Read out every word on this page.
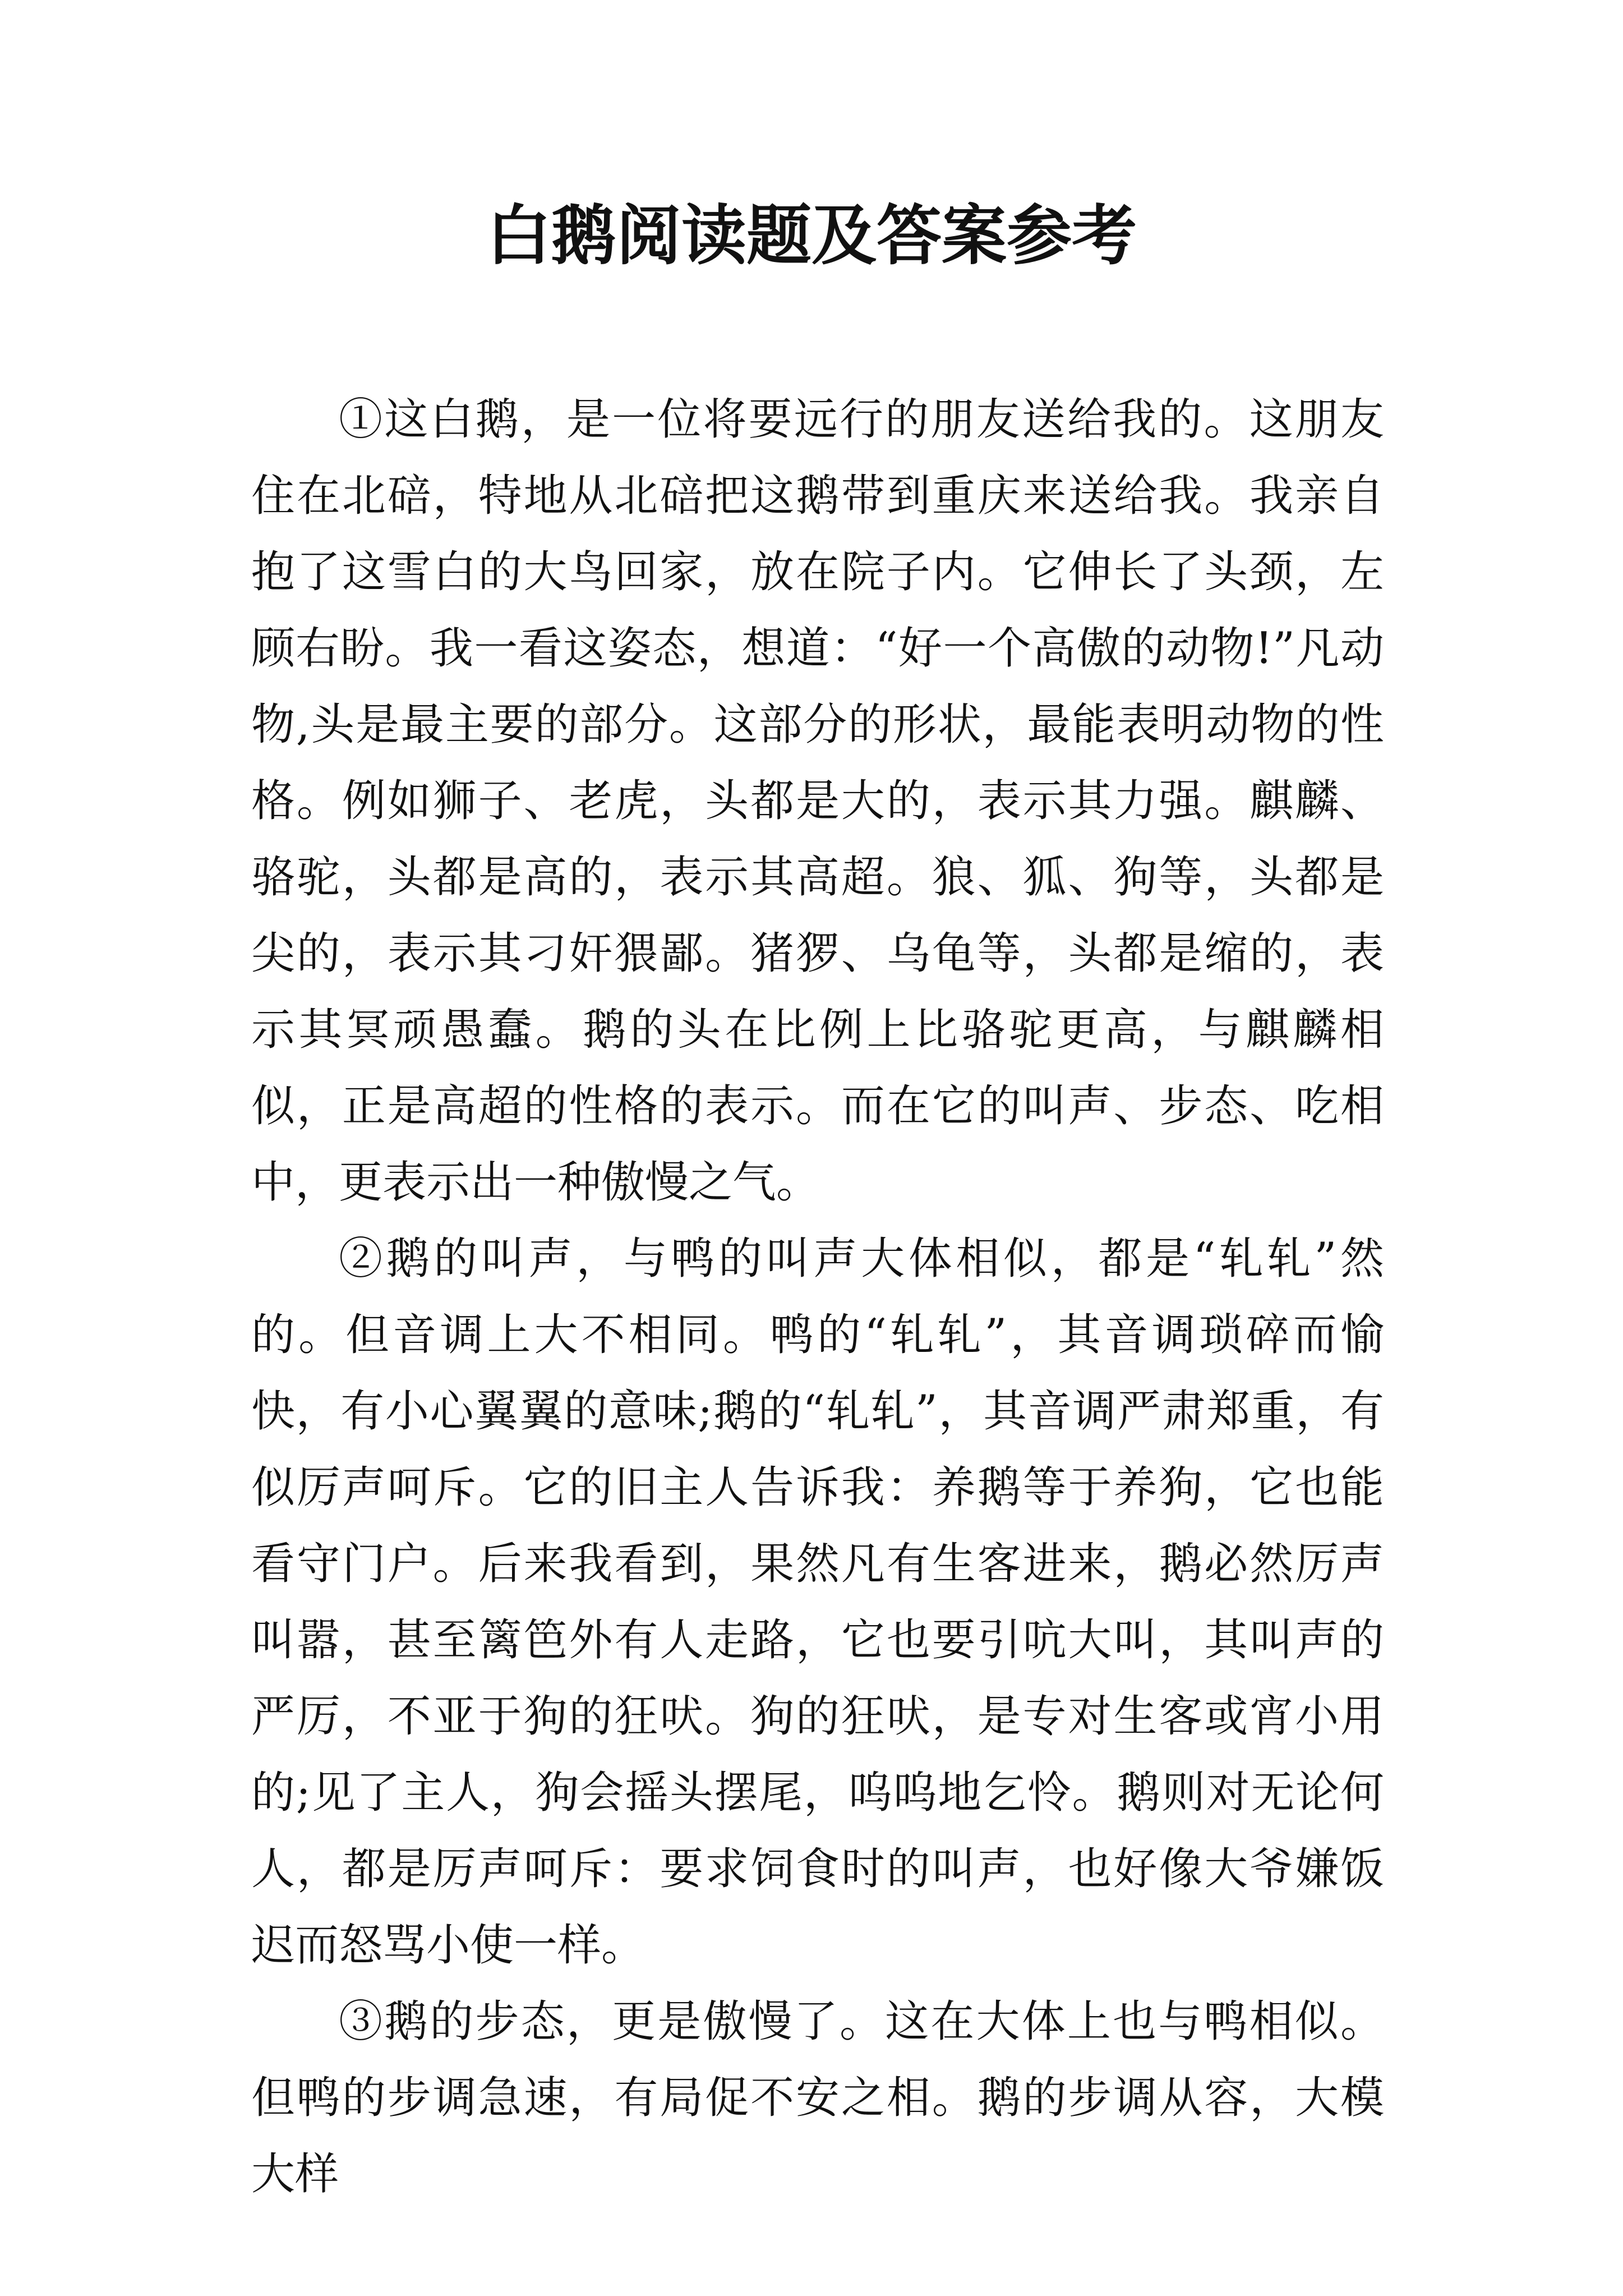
白鹅阅读题及答案参考

①这白鹅，是一位将要远行的朋友送给我的。这朋友住在北碚，特地从北碚把这鹅带到重庆来送给我。我亲自抱了这雪白的大鸟回家，放在院子内。它伸长了头颈，左顾右盼。我一看这姿态，想道：“好一个高傲的动物!”凡动物,头是最主要的部分。这部分的形状，最能表明动物的性格。例如狮子、老虎，头都是大的，表示其力强。麒麟、骆驼，头都是高的，表示其高超。狼、狐、狗等，头都是尖的，表示其刁奸猥鄙。猪猡、乌龟等，头都是缩的，表示其冥顽愚蠢。鹅的头在比例上比骆驼更高，与麒麟相似，正是高超的性格的表示。而在它的叫声、步态、吃相中，更表示出一种傲慢之气。

②鹅的叫声，与鸭的叫声大体相似，都是“轧轧”然的。但音调上大不相同。鸭的“轧轧”，其音调琐碎而愉快，有小心翼翼的意味;鹅的“轧轧”，其音调严肃郑重，有似厉声呵斥。它的旧主人告诉我：养鹅等于养狗，它也能看守门户。后来我看到，果然凡有生客进来，鹅必然厉声叫嚣，甚至篱笆外有人走路，它也要引吭大叫，其叫声的严厉，不亚于狗的狂吠。狗的狂吠，是专对生客或宵小用的;见了主人，狗会摇头摆尾，呜呜地乞怜。鹅则对无论何人，都是厉声呵斥：要求饲食时的叫声，也好像大爷嫌饭迟而怒骂小使一样。

③鹅的步态，更是傲慢了。这在大体上也与鸭相似。但鸭的步调急速，有局促不安之相。鹅的步调从容，大模大样
